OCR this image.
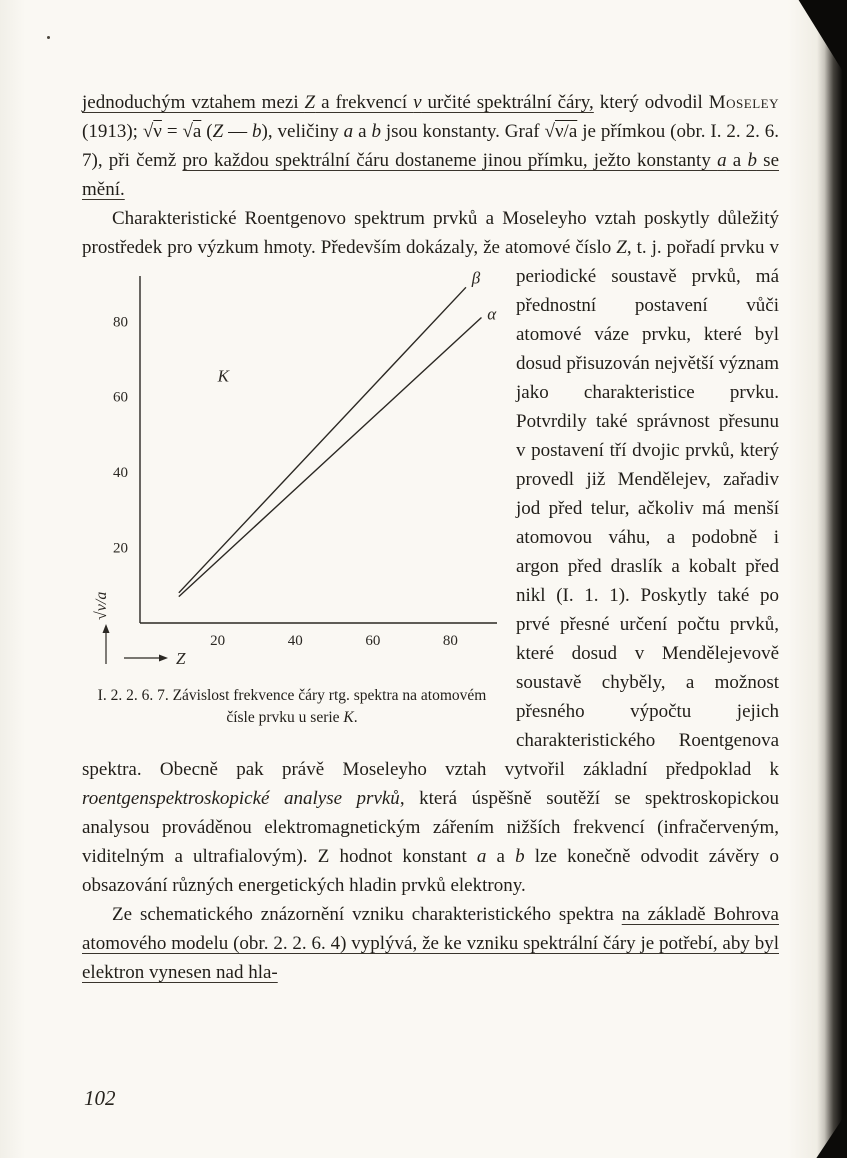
jednoduchým vztahem mezi Z a frekvencí ν určité spektrální čáry, který odvodil Moseley (1913); √ν = √a (Z — b), veličiny a a b jsou konstanty. Graf √ν/a je přímkou (obr. I. 2. 2. 6. 7), při čemž pro každou spektrální čáru dostaneme jinou přímku, ježto konstanty a a b se mění.

Charakteristické Roentgenovo spektrum prvků a Moseleyho vztah poskytly důležitý prostředek pro výzkum hmoty. Především dokázaly, že atomové číslo Z, t. j. pořadí prvku v periodické soustavě prvků, má
β
α
K
20
40
60
80
20	40	60	80
√ν/a
Z
I. 2. 2. 6. 7. Závislost frekvence čáry rtg. spektra na atomovém čísle prvku u serie K.
přednostní postavení vůči atomové váze prvku, které byl dosud přisuzován největší význam jako charakteristice prvku. Potvrdily také správnost přesunu v postavení tří dvojic prvků, který provedl již Mendělejev, zařadiv jod před telur, ačkoliv má menší atomovou váhu, a podobně i argon před draslík a kobalt před nikl (I. 1. 1). Poskytly také po prvé přesné určení počtu prvků, které dosud v Mendělejevově soustavě chyběly, a možnost přesného výpočtu jejich charakteristického Roentgenova spektra. Obecně pak právě Moseleyho vztah vytvořil základní předpoklad k roentgenspektroskopické analyse prvků, která úspěšně soutěží se spektroskopickou analysou prováděnou elektromagnetickým zářením nižších frekvencí (infračerveným, viditelným a ultrafialovým). Z hodnot konstant a a b lze konečně odvodit závěry o obsazování různých energetických hladin prvků elektrony.

Ze schematického znázornění vzniku charakteristického spektra na základě Bohrova atomového modelu (obr. 2. 2. 6. 4) vyplývá, že ke vzniku spektrální čáry je potřebí, aby byl elektron vynesen nad hla-

102
